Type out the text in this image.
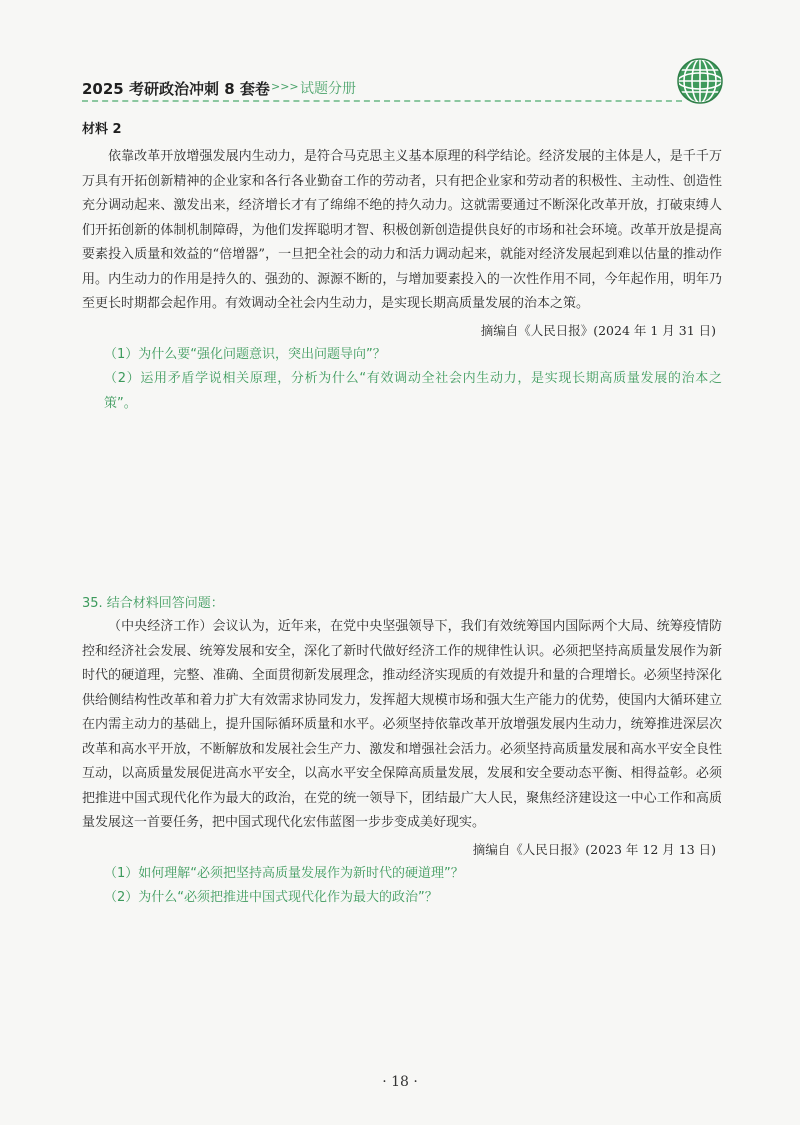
2025 考研政治冲刺 8 套卷 >>> 试题分册
材料 2

依靠改革开放增强发展内生动力，是符合马克思主义基本原理的科学结论。经济发展的主体是人，是千千万万具有开拓创新精神的企业家和各行各业勤奋工作的劳动者，只有把企业家和劳动者的积极性、主动性、创造性充分调动起来、激发出来，经济增长才有了绵绵不绝的持久动力。这就需要通过不断深化改革开放，打破束缚人们开拓创新的体制机制障碍，为他们发挥聪明才智、积极创新创造提供良好的市场和社会环境。改革开放是提高要素投入质量和效益的“倍增器”，一旦把全社会的动力和活力调动起来，就能对经济发展起到难以估量的推动作用。内生动力的作用是持久的、强劲的、源源不断的，与增加要素投入的一次性作用不同，今年起作用，明年乃至更长时期都会起作用。有效调动全社会内生动力，是实现长期高质量发展的治本之策。

摘编自《人民日报》(2024 年 1 月 31 日)

（1）为什么要“强化问题意识，突出问题导向”？

（2）运用矛盾学说相关原理，分析为什么“有效调动全社会内生动力，是实现长期高质量发展的治本之策”。

35. 结合材料回答问题：

（中央经济工作）会议认为，近年来，在党中央坚强领导下，我们有效统筹国内国际两个大局、统筹疫情防控和经济社会发展、统筹发展和安全，深化了新时代做好经济工作的规律性认识。必须把坚持高质量发展作为新时代的硬道理，完整、准确、全面贯彻新发展理念，推动经济实现质的有效提升和量的合理增长。必须坚持深化供给侧结构性改革和着力扩大有效需求协同发力，发挥超大规模市场和强大生产能力的优势，使国内大循环建立在内需主动力的基础上，提升国际循环质量和水平。必须坚持依靠改革开放增强发展内生动力，统筹推进深层次改革和高水平开放，不断解放和发展社会生产力、激发和增强社会活力。必须坚持高质量发展和高水平安全良性互动，以高质量发展促进高水平安全，以高水平安全保障高质量发展，发展和安全要动态平衡、相得益彰。必须把推进中国式现代化作为最大的政治，在党的统一领导下，团结最广大人民，聚焦经济建设这一中心工作和高质量发展这一首要任务，把中国式现代化宏伟蓝图一步步变成美好现实。

摘编自《人民日报》(2023 年 12 月 13 日)

（1）如何理解“必须把坚持高质量发展作为新时代的硬道理”？

（2）为什么“必须把推进中国式现代化作为最大的政治”？

· 18 ·
